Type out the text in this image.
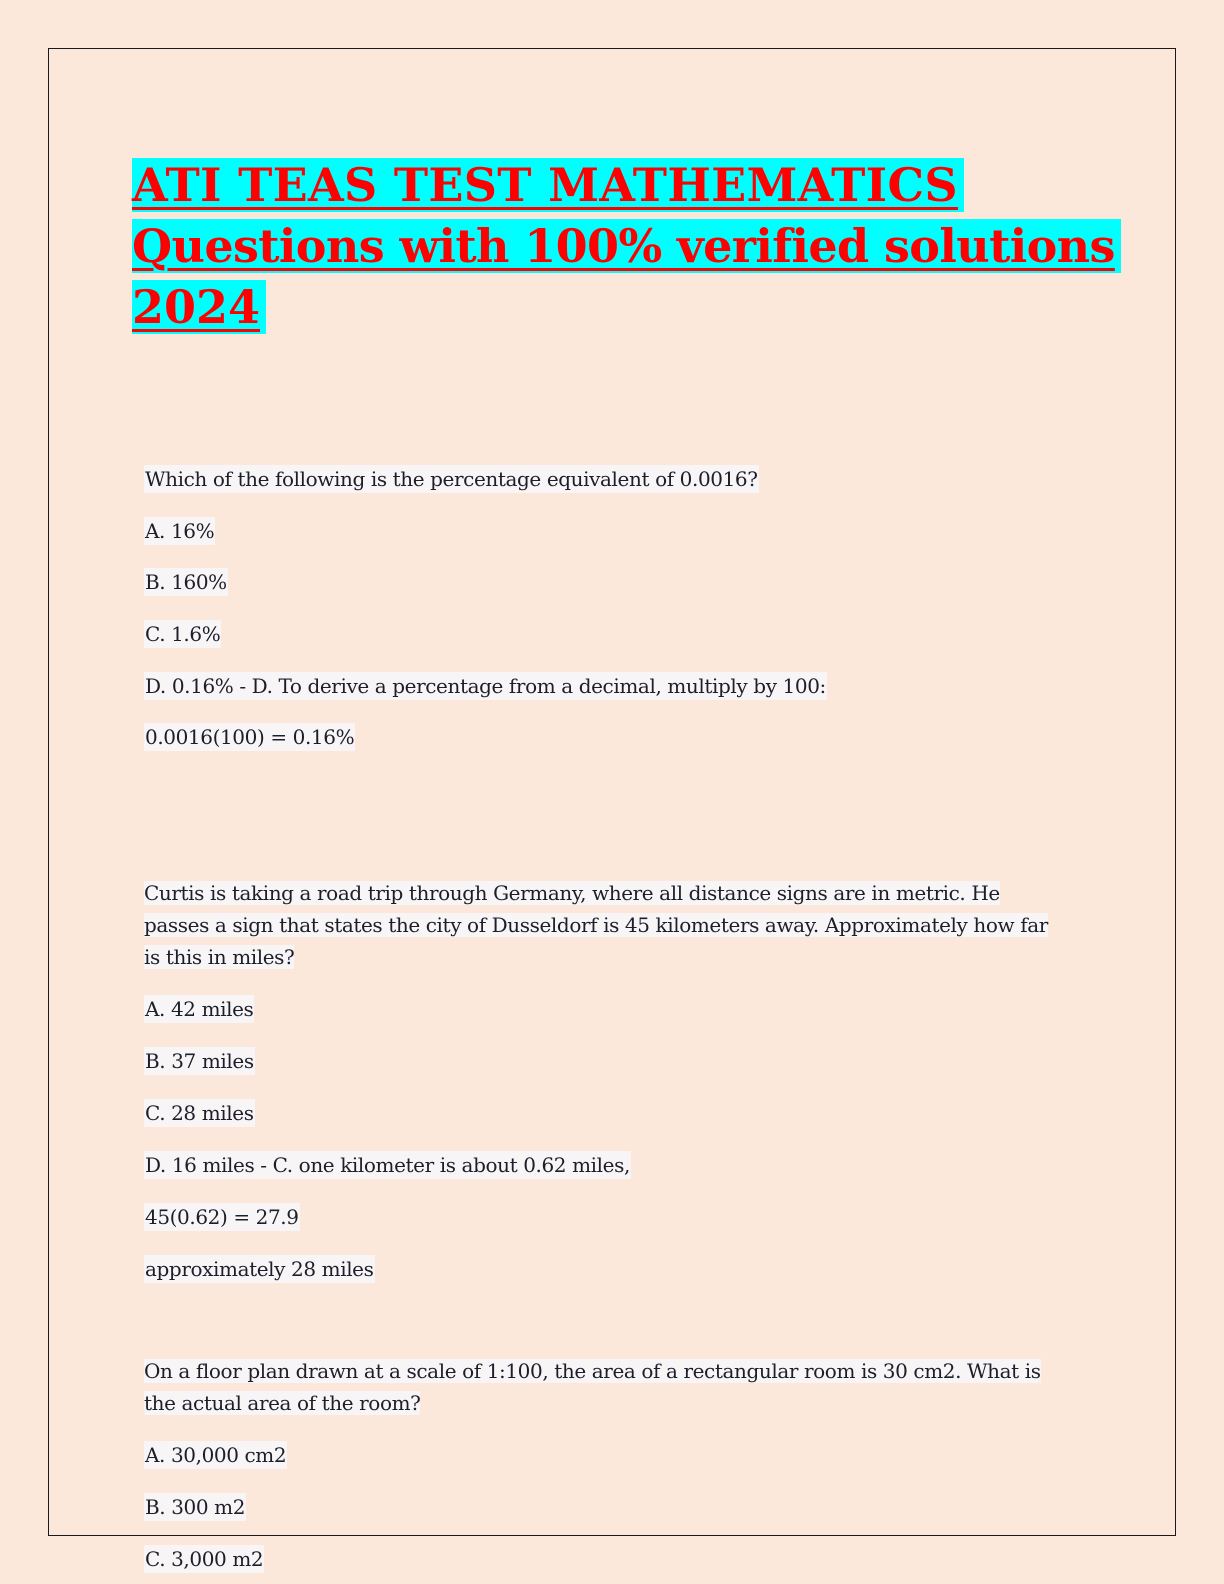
ATI TEAS TEST MATHEMATICS
Questions with 100% verified solutions
2024
Which of the following is the percentage equivalent of 0.0016?
A. 16%
B. 160%
C. 1.6%
D. 0.16% - D. To derive a percentage from a decimal, multiply by 100:
0.0016(100) = 0.16%
Curtis is taking a road trip through Germany, where all distance signs are in metric. He passes a sign that states the city of Dusseldorf is 45 kilometers away. Approximately how far is this in miles?
A. 42 miles
B. 37 miles
C. 28 miles
D. 16 miles - C. one kilometer is about 0.62 miles,
45(0.62) = 27.9
approximately 28 miles
On a floor plan drawn at a scale of 1:100, the area of a rectangular room is 30 cm2. What is the actual area of the room?
A. 30,000 cm2
B. 300 m2
C. 3,000 m2
